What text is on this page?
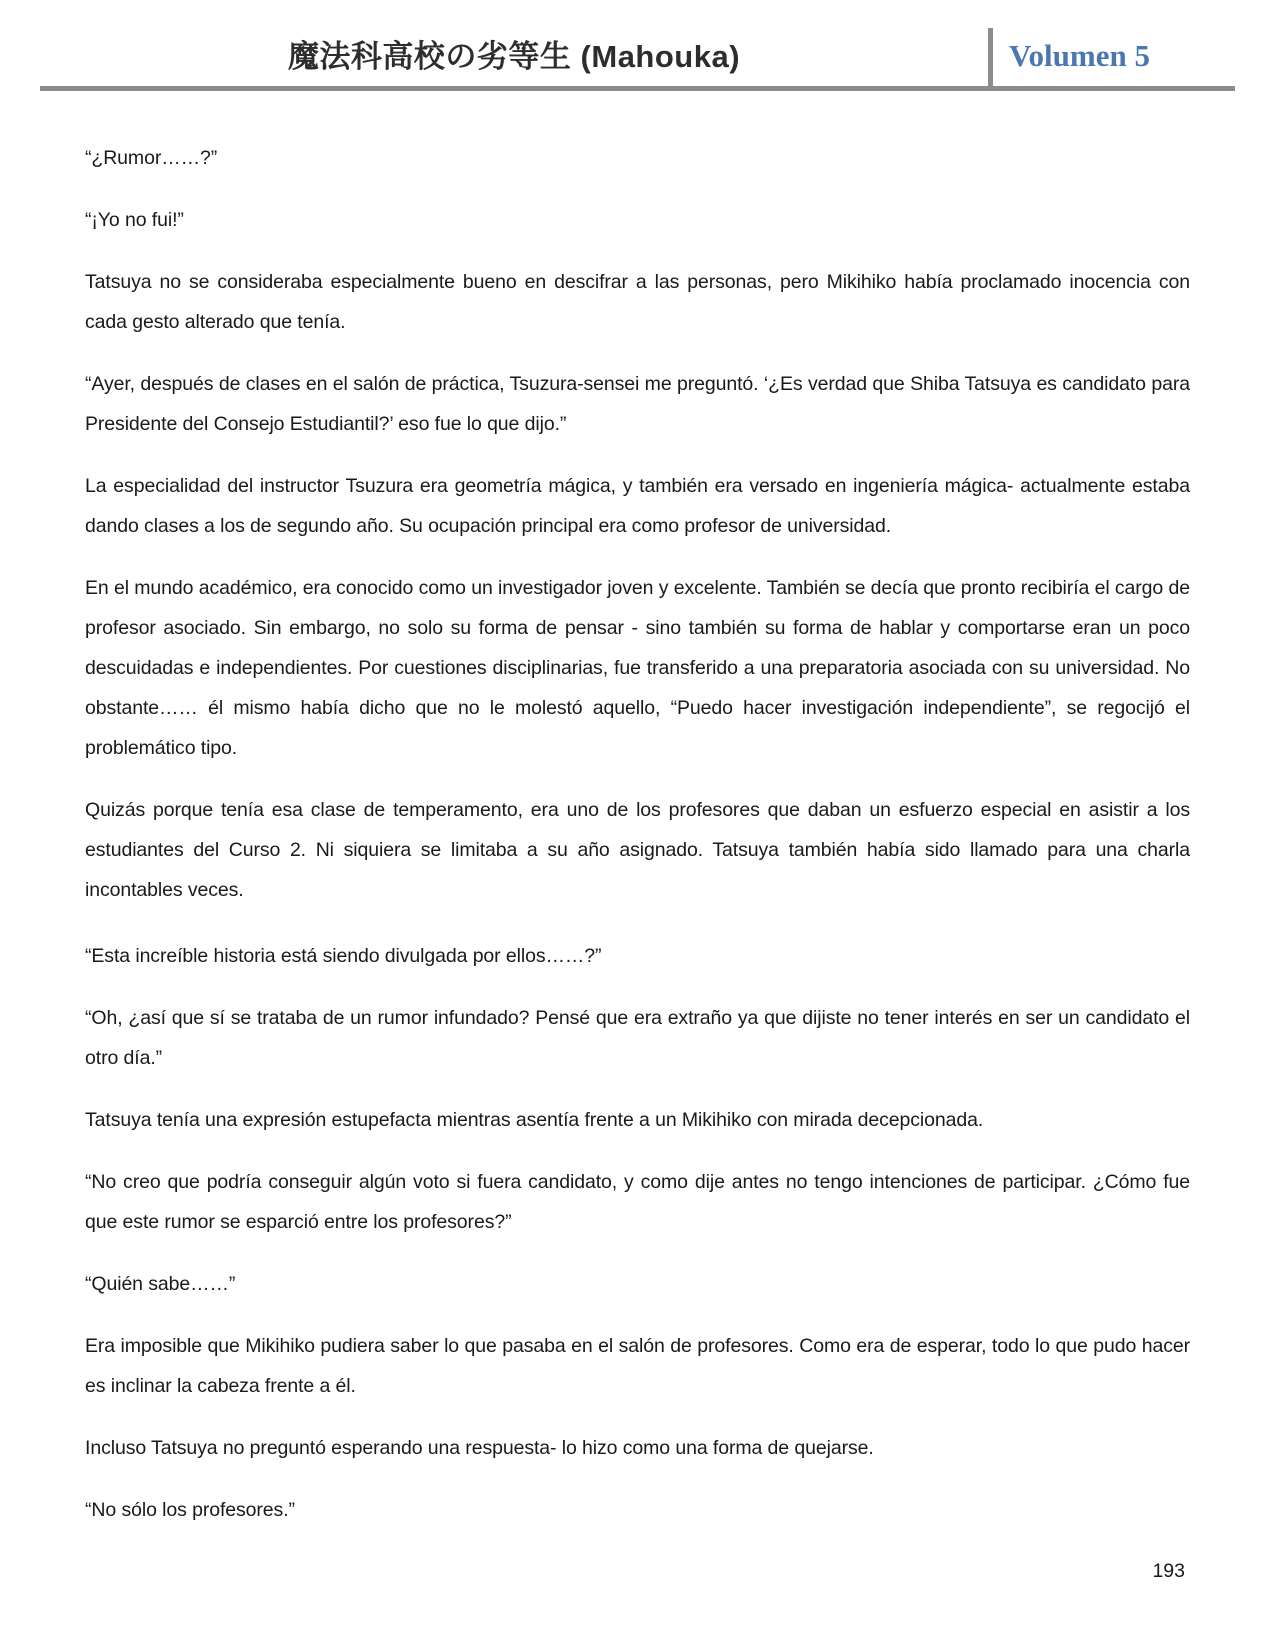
魔法科高校の劣等生 (Mahouka)	Volumen 5

“¿Rumor……?”

“¡Yo no fui!”

Tatsuya no se consideraba especialmente bueno en descifrar a las personas, pero Mikihiko había proclamado inocencia con cada gesto alterado que tenía.

“Ayer, después de clases en el salón de práctica, Tsuzura-sensei me preguntó. ‘¿Es verdad que Shiba Tatsuya es candidato para Presidente del Consejo Estudiantil?’ eso fue lo que dijo.”

La especialidad del instructor Tsuzura era geometría mágica, y también era versado en ingeniería mágica- actualmente estaba dando clases a los de segundo año. Su ocupación principal era como profesor de universidad.

En el mundo académico, era conocido como un investigador joven y excelente. También se decía que pronto recibiría el cargo de profesor asociado. Sin embargo, no solo su forma de pensar - sino también su forma de hablar y comportarse eran un poco descuidadas e independientes. Por cuestiones disciplinarias, fue transferido a una preparatoria asociada con su universidad. No obstante…… él mismo había dicho que no le molestó aquello, “Puedo hacer investigación independiente”, se regocijó el problemático tipo.

Quizás porque tenía esa clase de temperamento, era uno de los profesores que daban un esfuerzo especial en asistir a los estudiantes del Curso 2. Ni siquiera se limitaba a su año asignado. Tatsuya también había sido llamado para una charla incontables veces.

“Esta increíble historia está siendo divulgada por ellos……?”

“Oh, ¿así que sí se trataba de un rumor infundado? Pensé que era extraño ya que dijiste no tener interés en ser un candidato el otro día.”

Tatsuya tenía una expresión estupefacta mientras asentía frente a un Mikihiko con mirada decepcionada.

“No creo que podría conseguir algún voto si fuera candidato, y como dije antes no tengo intenciones de participar. ¿Cómo fue que este rumor se esparció entre los profesores?”

“Quién sabe……”

Era imposible que Mikihiko pudiera saber lo que pasaba en el salón de profesores. Como era de esperar, todo lo que pudo hacer es inclinar la cabeza frente a él.

Incluso Tatsuya no preguntó esperando una respuesta- lo hizo como una forma de quejarse.

“No sólo los profesores.”

193
